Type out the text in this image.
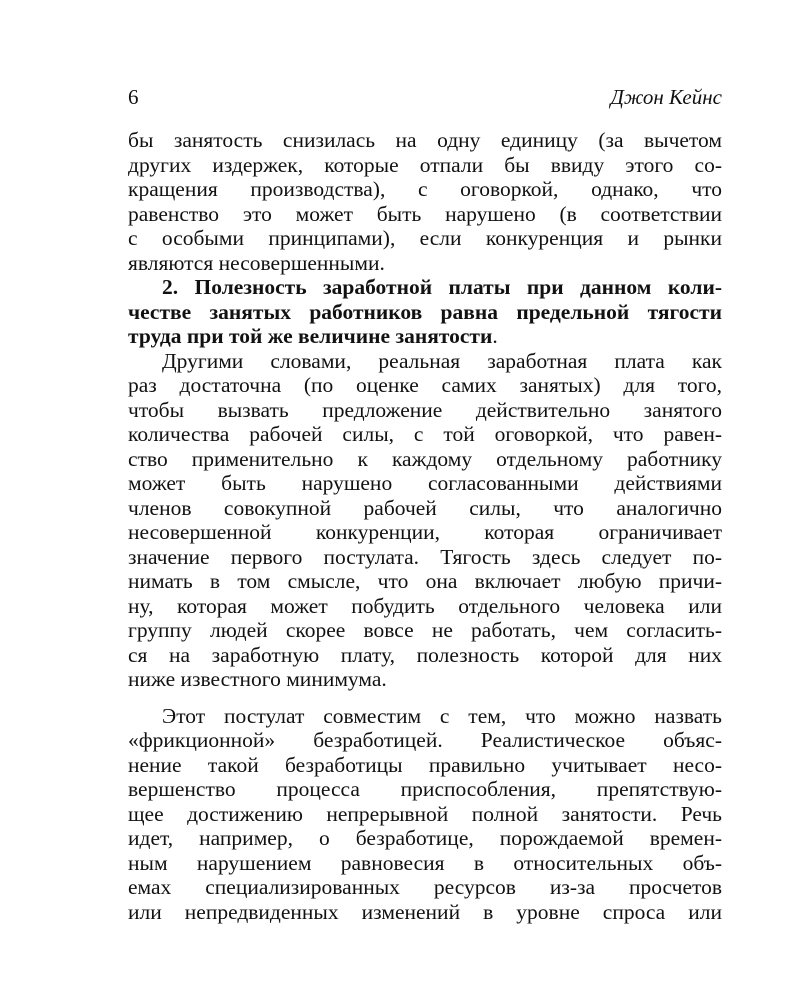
6	Джон Кейнс
бы занятость снизилась на одну единицу (за вычетом
других издержек, которые отпали бы ввиду этого со-
кращения производства), с оговоркой, однако, что
равенство это может быть нарушено (в соответствии
с особыми принципами), если конкуренция и рынки
являются несовершенными.
2. Полезность заработной платы при данном коли-
честве занятых работников равна предельной тягости
труда при той же величине занятости.
Другими словами, реальная заработная плата как
раз достаточна (по оценке самих занятых) для того,
чтобы вызвать предложение действительно занятого
количества рабочей силы, с той оговоркой, что равен-
ство применительно к каждому отдельному работнику
может быть нарушено согласованными действиями
членов совокупной рабочей силы, что аналогично
несовершенной конкуренции, которая ограничивает
значение первого постулата. Тягость здесь следует по-
нимать в том смысле, что она включает любую причи-
ну, которая может побудить отдельного человека или
группу людей скорее вовсе не работать, чем согласить-
ся на заработную плату, полезность которой для них
ниже известного минимума.
Этот постулат совместим с тем, что можно назвать
«фрикционной» безработицей. Реалистическое объяс-
нение такой безработицы правильно учитывает несо-
вершенство процесса приспособления, препятствую-
щее достижению непрерывной полной занятости. Речь
идет, например, о безработице, порождаемой времен-
ным нарушением равновесия в относительных объ-
емах специализированных ресурсов из-за просчетов
или непредвиденных изменений в уровне спроса или
